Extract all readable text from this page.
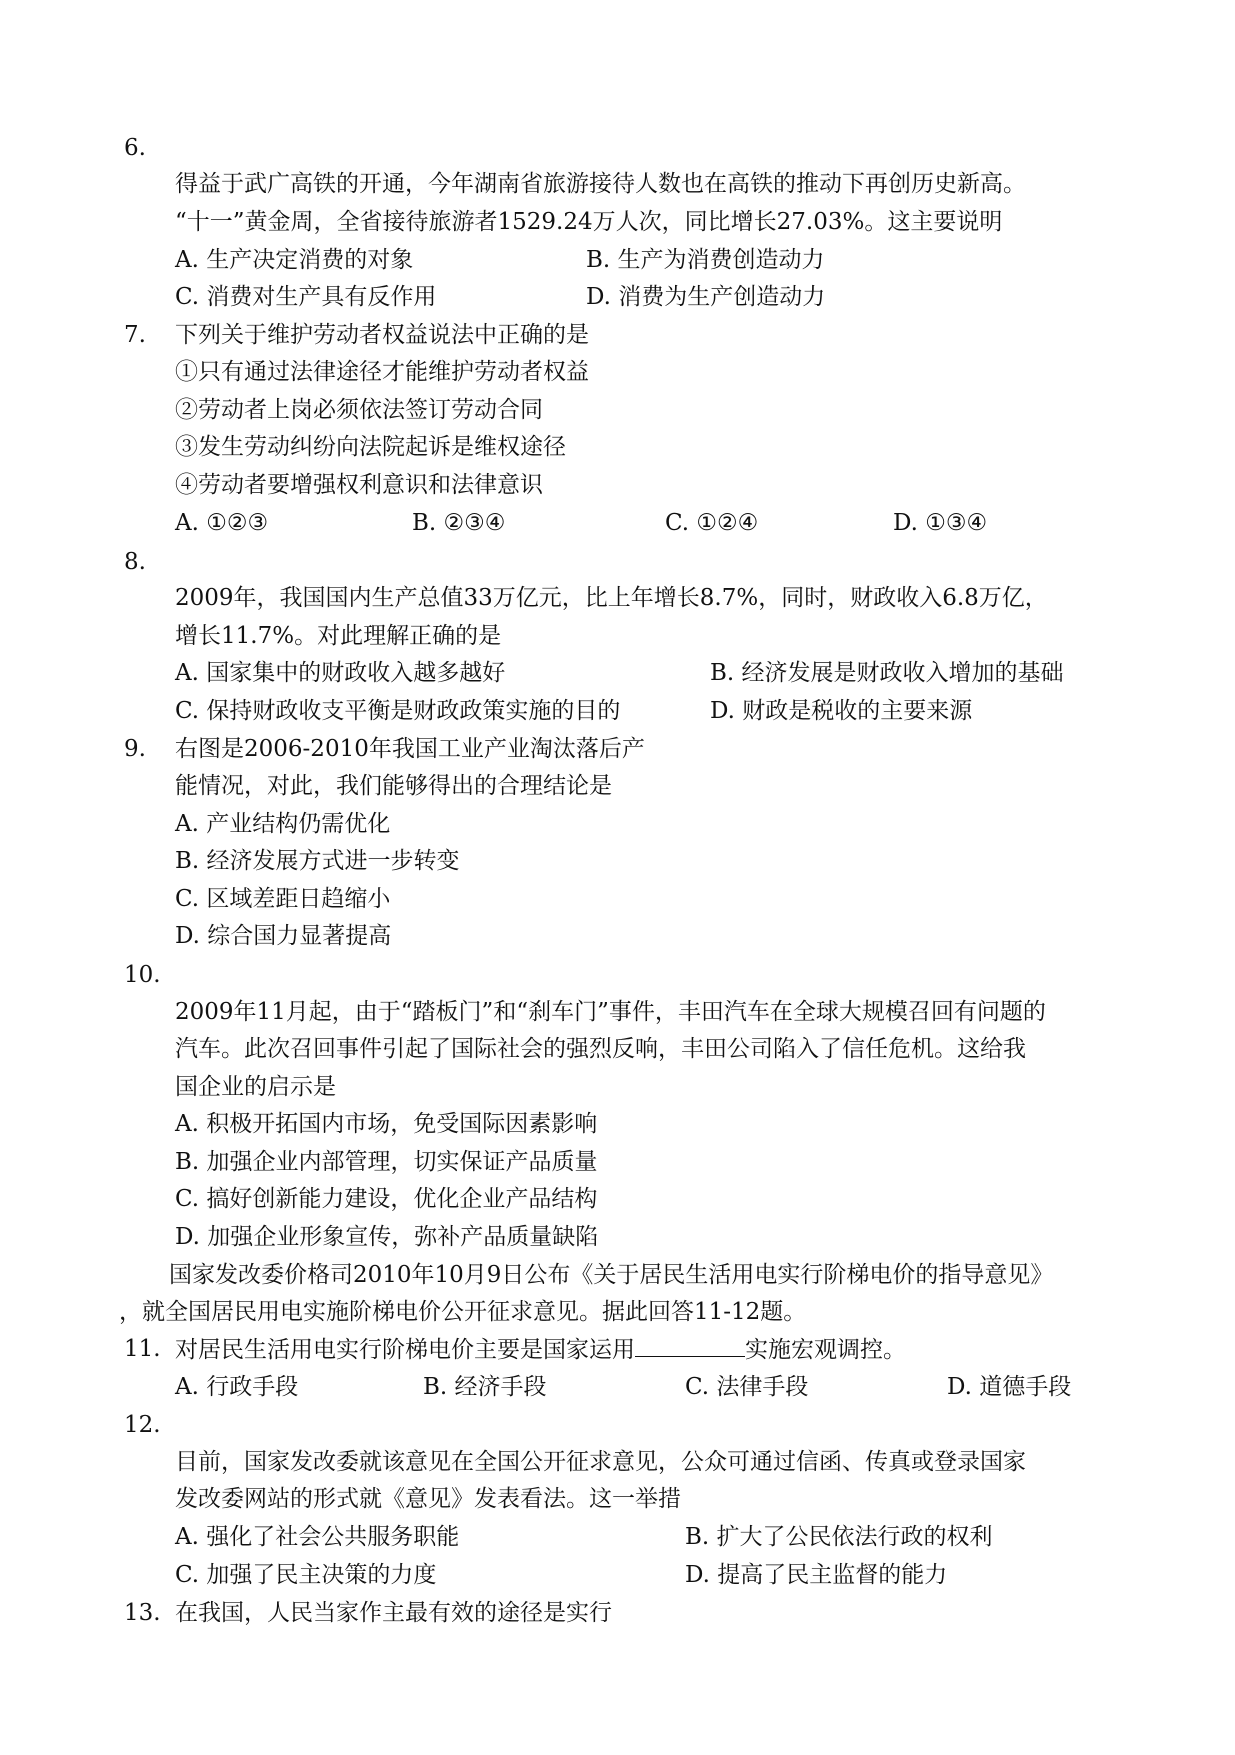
6.
得益于武广高铁的开通，今年湖南省旅游接待人数也在高铁的推动下再创历史新高。
“十一”黄金周，全省接待旅游者1529.24万人次，同比增长27.03%。这主要说明
A. 生产决定消费的对象	B. 生产为消费创造动力
C. 消费对生产具有反作用	D. 消费为生产创造动力
7. 下列关于维护劳动者权益说法中正确的是
①只有通过法律途径才能维护劳动者权益
②劳动者上岗必须依法签订劳动合同
③发生劳动纠纷向法院起诉是维权途径
④劳动者要增强权利意识和法律意识
A. ①②③	B. ②③④	C. ①②④	D. ①③④
8.
2009年，我国国内生产总值33万亿元，比上年增长8.7%，同时，财政收入6.8万亿，
增长11.7%。对此理解正确的是
A. 国家集中的财政收入越多越好	B. 经济发展是财政收入增加的基础
C. 保持财政收支平衡是财政政策实施的目的	D. 财政是税收的主要来源
9. 右图是2006-2010年我国工业产业淘汰落后产
能情况，对此，我们能够得出的合理结论是
A. 产业结构仍需优化
B. 经济发展方式进一步转变
C. 区域差距日趋缩小
D. 综合国力显著提高
10.
2009年11月起，由于“踏板门”和“刹车门”事件，丰田汽车在全球大规模召回有问题的
汽车。此次召回事件引起了国际社会的强烈反响，丰田公司陷入了信任危机。这给我
国企业的启示是
A. 积极开拓国内市场，免受国际因素影响
B. 加强企业内部管理，切实保证产品质量
C. 搞好创新能力建设，优化企业产品结构
D. 加强企业形象宣传，弥补产品质量缺陷
国家发改委价格司2010年10月9日公布《关于居民生活用电实行阶梯电价的指导意见》
，就全国居民用电实施阶梯电价公开征求意见。据此回答11-12题。
11. 对居民生活用电实行阶梯电价主要是国家运用	实施宏观调控。
A. 行政手段	B. 经济手段	C. 法律手段	D. 道德手段
12.
目前，国家发改委就该意见在全国公开征求意见，公众可通过信函、传真或登录国家
发改委网站的形式就《意见》发表看法。这一举措
A. 强化了社会公共服务职能	B. 扩大了公民依法行政的权利
C. 加强了民主决策的力度	D. 提高了民主监督的能力
13. 在我国，人民当家作主最有效的途径是实行
